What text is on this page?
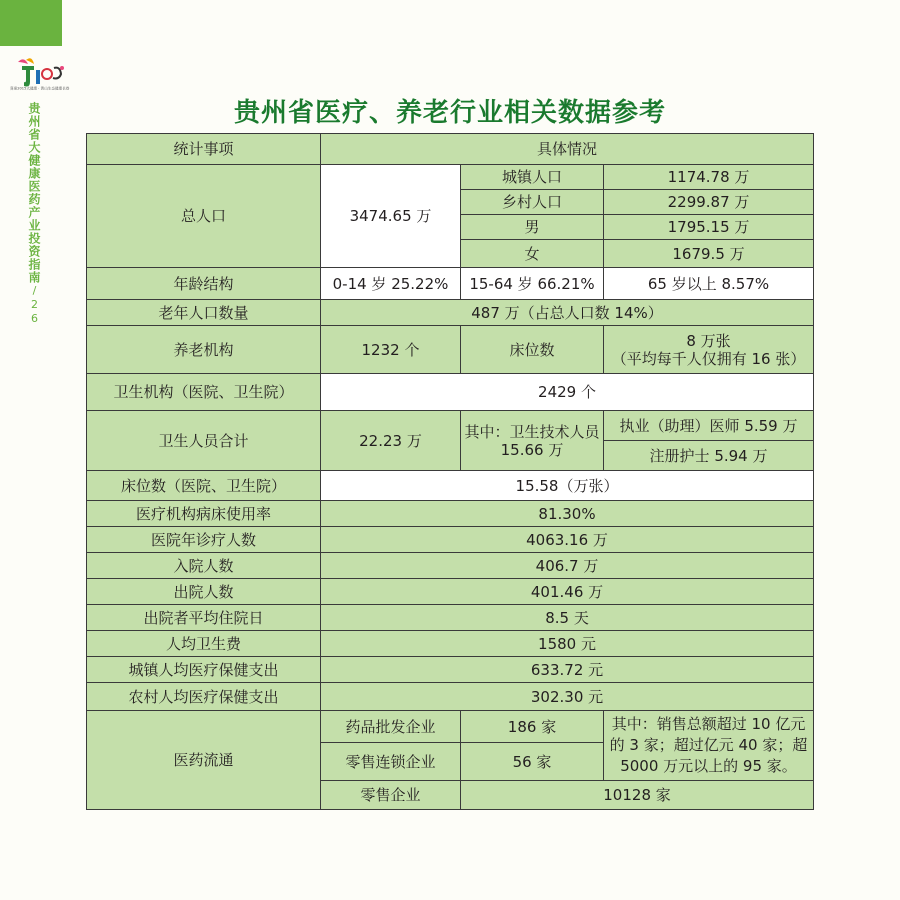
喜迎2015大健康 · 黄山生态健康长卷
贵州省大健康医药产业投资指南/26
贵州省医疗、养老行业相关数据参考
统计事项	具体情况		
总人口	3474.65 万	城镇人口	1174.78 万
		乡村人口	2299.87 万
		男	1795.15 万
		女	1679.5 万
年龄结构	0-14 岁 25.22%	15-64 岁 66.21%	65 岁以上 8.57%
老年人口数量	487 万（占总人口数 14%）		
养老机构	1232 个	床位数	8 万张
（平均每千人仅拥有 16 张）

卫生机构（医院、卫生院）	2429 个		
卫生人员合计	22.23 万	其中：卫生技术人员 15.66 万	执业（助理）医师 5.59 万
			注册护士 5.94 万
床位数（医院、卫生院）	15.58（万张）		
医疗机构病床使用率	81.30%		
医院年诊疗人数	4063.16 万		
入院人数	406.7 万		
出院人数	401.46 万		
出院者平均住院日	8.5 天		
人均卫生费	1580 元		
城镇人均医疗保健支出	633.72 元		
农村人均医疗保健支出	302.30 元		
医药流通	药品批发企业	186 家	其中：销售总额超过 10 亿元的 3 家；超过亿元 40 家；超 5000 万元以上的 95 家。
	零售连锁企业	56 家	
	零售企业	10128 家	
